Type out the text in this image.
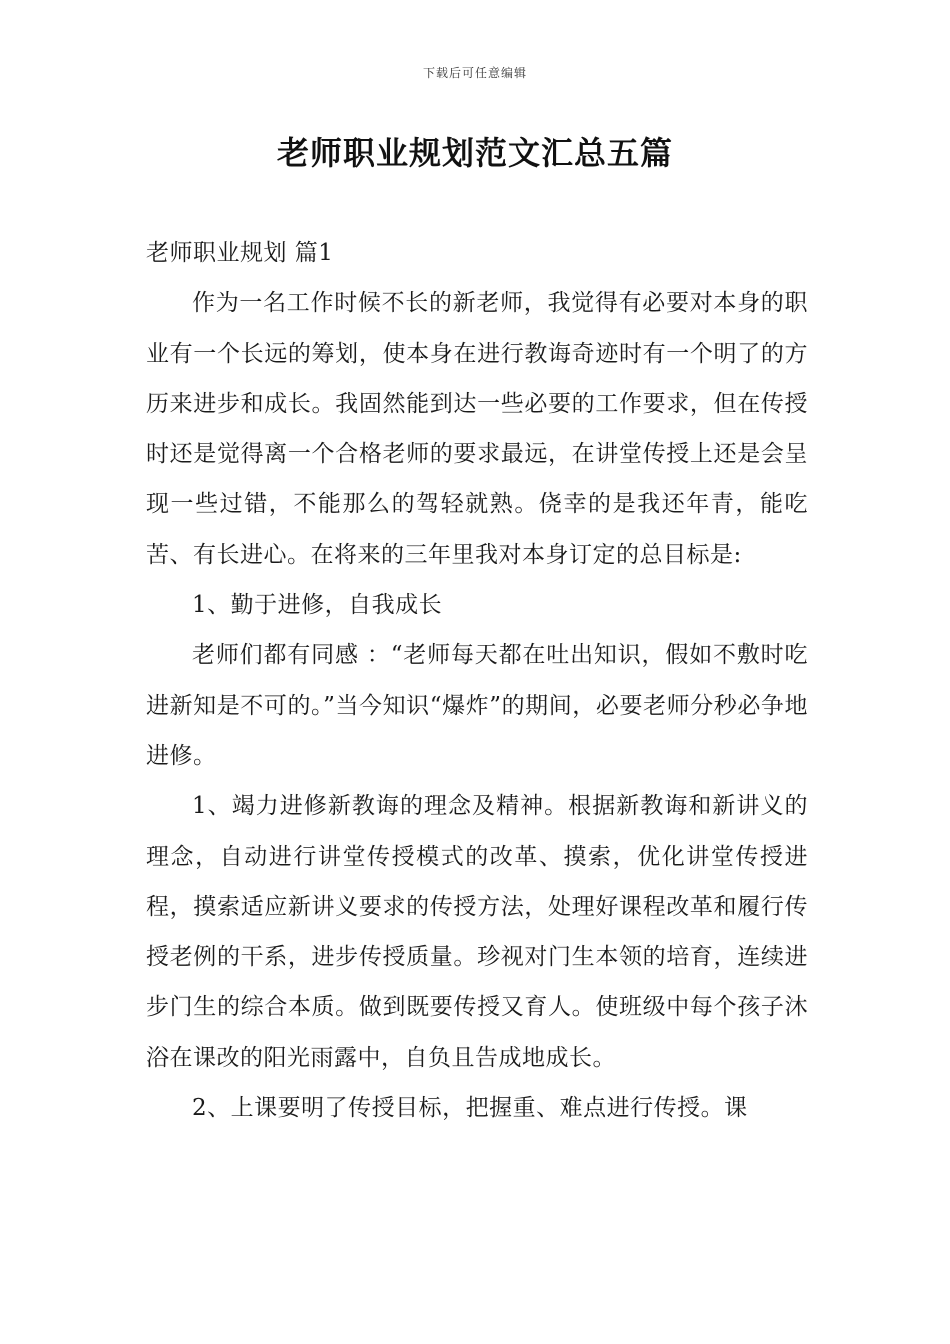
下载后可任意编辑
老师职业规划范文汇总五篇

老师职业规划 篇1

作为一名工作时候不长的新老师，我觉得有必要对本身的职业有一个长远的筹划，使本身在进行教诲奇迹时有一个明了的方历来进步和成长。我固然能到达一些必要的工作要求，但在传授时还是觉得离一个合格老师的要求最远，在讲堂传授上还是会呈现一些过错，不能那么的驾轻就熟。侥幸的是我还年青，能吃苦、有长进心。在将来的三年里我对本身订定的总目标是:

1、勤于进修，自我成长

老师们都有同感 ：“老师每天都在吐出知识，假如不敷时吃进新知是不可的。”当今知识“爆炸”的期间，必要老师分秒必争地进修。

1、竭力进修新教诲的理念及精神。根据新教诲和新讲义的理念，自动进行讲堂传授模式的改革、摸索，优化讲堂传授进程，摸索适应新讲义要求的传授方法，处理好课程改革和履行传授老例的干系，进步传授质量。珍视对门生本领的培育，连续进步门生的综合本质。做到既要传授又育人。使班级中每个孩子沐浴在课改的阳光雨露中，自负且告成地成长。

2、上课要明了传授目标，把握重、难点进行传授。课
